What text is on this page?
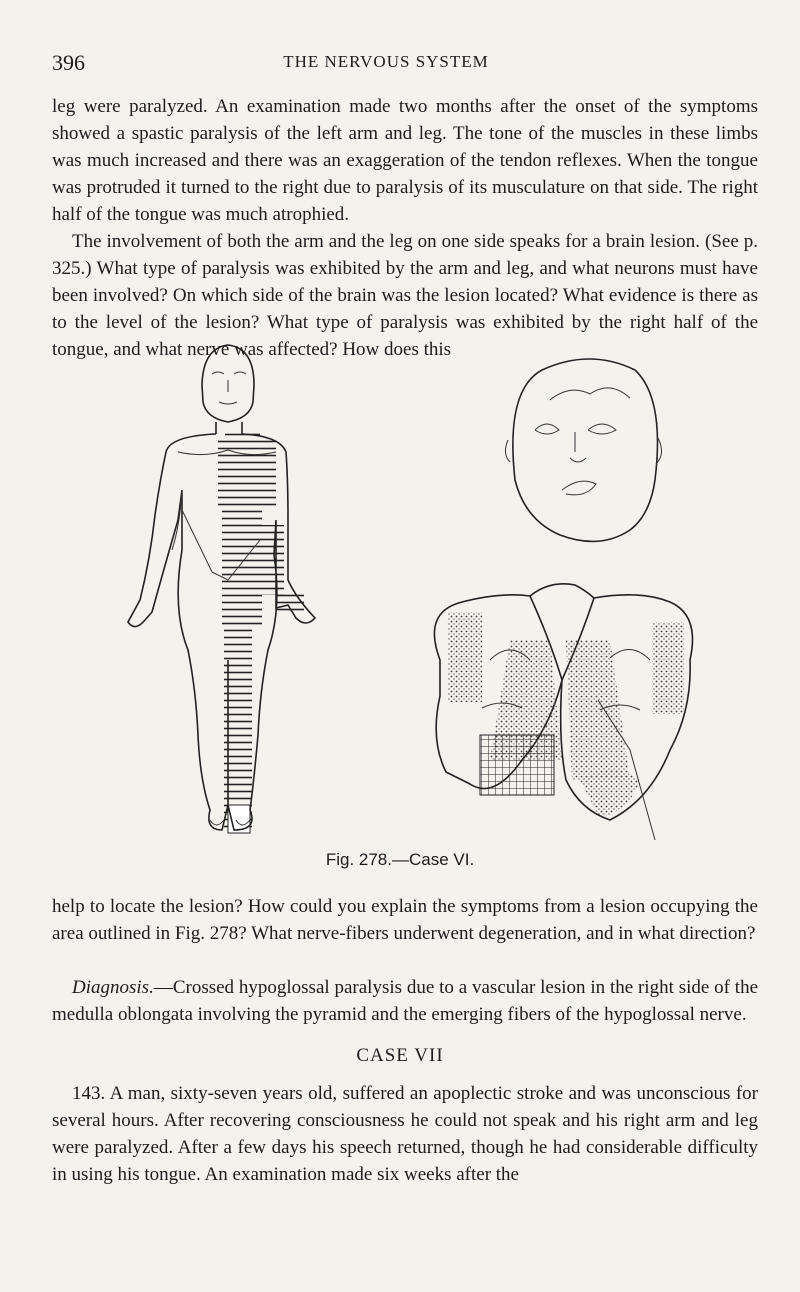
396	THE NERVOUS SYSTEM

leg were paralyzed. An examination made two months after the onset of the symptoms showed a spastic paralysis of the left arm and leg. The tone of the muscles in these limbs was much increased and there was an exaggeration of the tendon reflexes. When the tongue was protruded it turned to the right due to paralysis of its musculature on that side. The right half of the tongue was much atrophied.

The involvement of both the arm and the leg on one side speaks for a brain lesion. (See p. 325.) What type of paralysis was exhibited by the arm and leg, and what neurons must have been involved? On which side of the brain was the lesion located? What evidence is there as to the level of the lesion? What type of paralysis was exhibited by the right half of the tongue, and what nerve was affected? How does this

Fig. 278.—Case VI.

help to locate the lesion? How could you explain the symptoms from a lesion occupying the area outlined in Fig. 278? What nerve-fibers underwent degeneration, and in what direction?

Diagnosis.—Crossed hypoglossal paralysis due to a vascular lesion in the right side of the medulla oblongata involving the pyramid and the emerging fibers of the hypoglossal nerve.

CASE VII

143. A man, sixty-seven years old, suffered an apoplectic stroke and was unconscious for several hours. After recovering consciousness he could not speak and his right arm and leg were paralyzed. After a few days his speech returned, though he had considerable difficulty in using his tongue. An examination made six weeks after the
